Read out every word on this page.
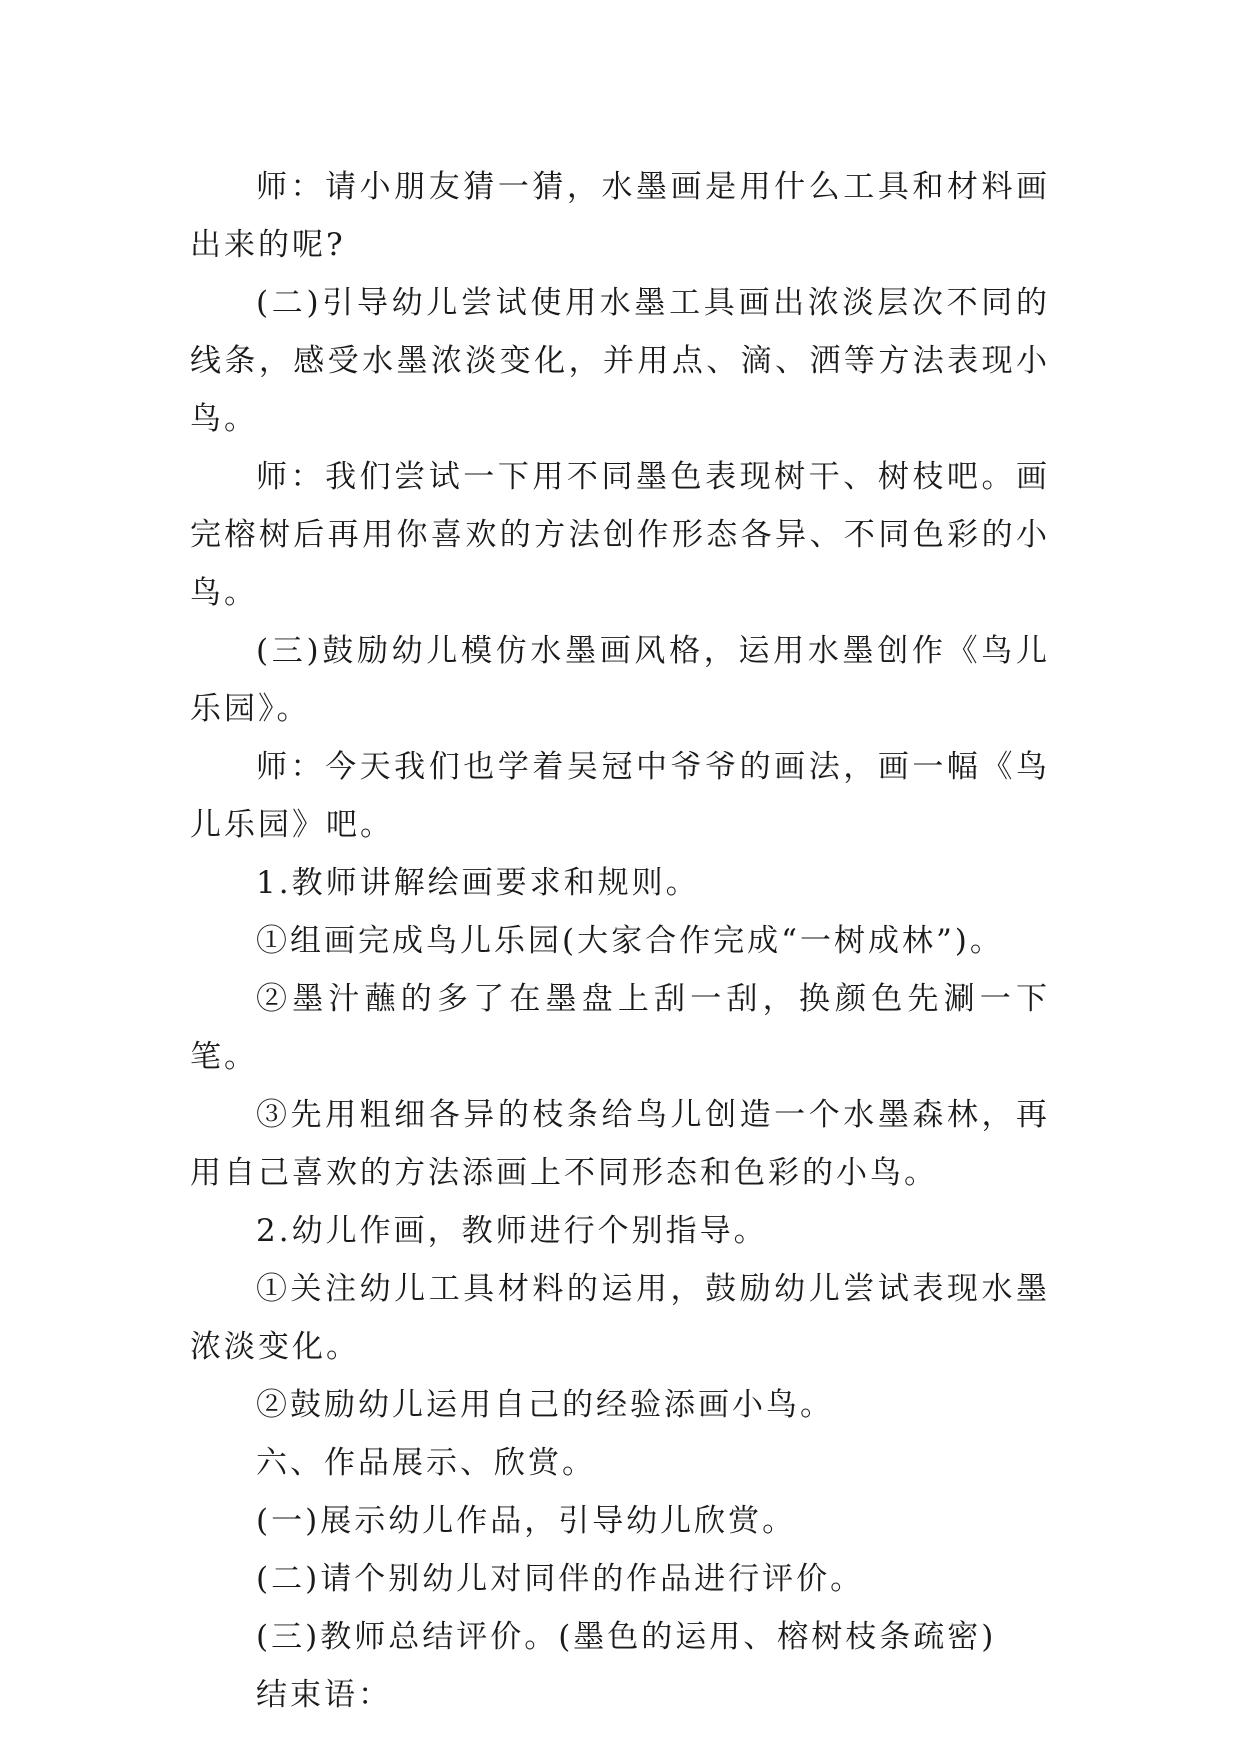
师：请小朋友猜一猜，水墨画是用什么工具和材料画出来的呢?

(二)引导幼儿尝试使用水墨工具画出浓淡层次不同的线条，感受水墨浓淡变化，并用点、滴、洒等方法表现小鸟。

师：我们尝试一下用不同墨色表现树干、树枝吧。画完榕树后再用你喜欢的方法创作形态各异、不同色彩的小鸟。

(三)鼓励幼儿模仿水墨画风格，运用水墨创作《鸟儿乐园》。

师：今天我们也学着吴冠中爷爷的画法，画一幅《鸟儿乐园》吧。

1.教师讲解绘画要求和规则。

①组画完成鸟儿乐园(大家合作完成“一树成林”)。

②墨汁蘸的多了在墨盘上刮一刮，换颜色先涮一下笔。

③先用粗细各异的枝条给鸟儿创造一个水墨森林，再用自己喜欢的方法添画上不同形态和色彩的小鸟。

2.幼儿作画，教师进行个别指导。

①关注幼儿工具材料的运用，鼓励幼儿尝试表现水墨浓淡变化。

②鼓励幼儿运用自己的经验添画小鸟。

六、作品展示、欣赏。

(一)展示幼儿作品，引导幼儿欣赏。

(二)请个别幼儿对同伴的作品进行评价。

(三)教师总结评价。(墨色的运用、榕树枝条疏密)

结束语：
